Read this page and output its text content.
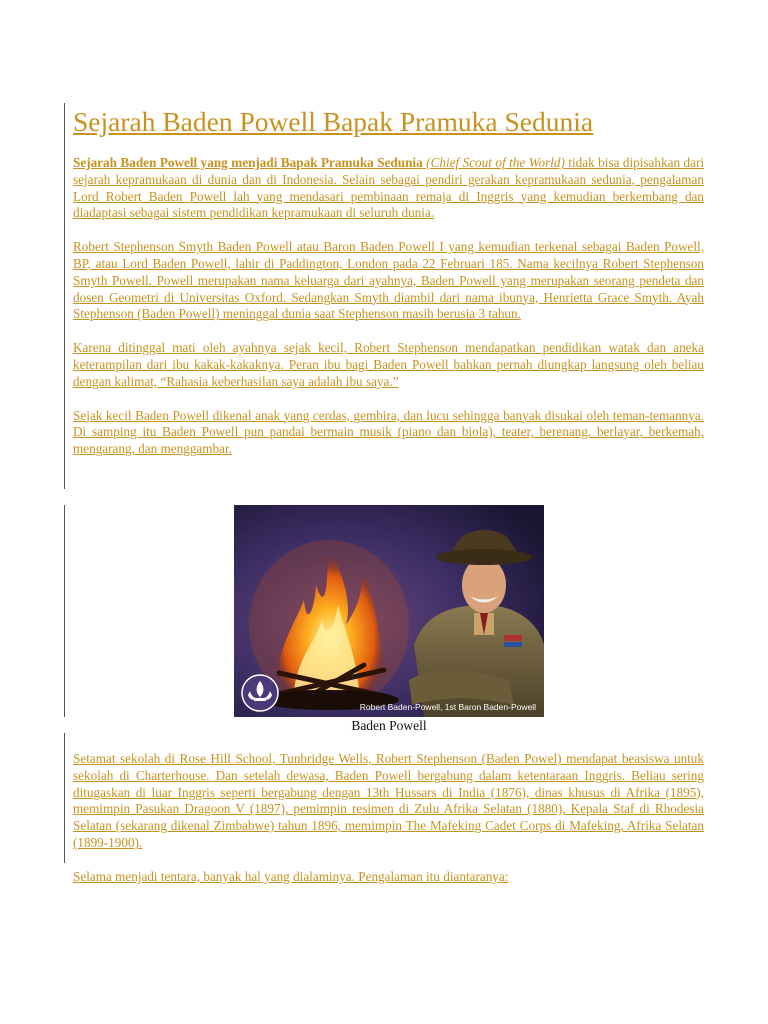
Sejarah Baden Powell Bapak Pramuka Sedunia

Sejarah Baden Powell yang menjadi Bapak Pramuka Sedunia (Chief Scout of the World) tidak bisa dipisahkan dari sejarah kepramukaan di dunia dan di Indonesia. Selain sebagai pendiri gerakan kepramukaan sedunia, pengalaman Lord Robert Baden Powell lah yang mendasari pembinaan remaja di Inggris yang kemudian berkembang dan diadaptasi sebagai sistem pendidikan kepramukaan di seluruh dunia.

Robert Stephenson Smyth Baden Powell atau Baron Baden Powell I yang kemudian terkenal sebagai Baden Powell, BP, atau Lord Baden Powell, lahir di Paddington, London pada 22 Februari 185. Nama kecilnya Robert Stephenson Smyth Powell. Powell merupakan nama keluarga dari ayahnya, Baden Powell yang merupakan seorang pendeta dan dosen Geometri di Universitas Oxford. Sedangkan Smyth diambil dari nama ibunya, Henrietta Grace Smyth. Ayah Stephenson (Baden Powell) meninggal dunia saat Stephenson masih berusia 3 tahun.

Karena ditinggal mati oleh ayahnya sejak kecil, Robert Stephenson mendapatkan pendidikan watak dan aneka keterampilan dari ibu kakak-kakaknya. Peran ibu bagi Baden Powell bahkan pernah diungkap langsung oleh beliau dengan kalimat, “Rahasia keberhasilan saya adalah ibu saya.”

Sejak kecil Baden Powell dikenal anak yang cerdas, gembira, dan lucu sehingga banyak disukai oleh teman-temannya. Di samping itu Baden Powell pun pandai bermain musik (piano dan biola), teater, berenang, berlayar, berkemah, mengarang, dan menggambar.

Robert Baden-Powell, 1st Baron Baden-Powell
Baden Powell

Setamat sekolah di Rose Hill School, Tunbridge Wells, Robert Stephenson (Baden Powel) mendapat beasiswa untuk sekolah di Charterhouse. Dan setelah dewasa, Baden Powell bergabung dalam ketentaraan Inggris. Beliau sering ditugaskan di luar Inggris seperti bergabung dengan 13th Hussars di India (1876), dinas khusus di Afrika (1895), memimpin Pasukan Dragoon V (1897), pemimpin resimen di Zulu Afrika Selatan (1880), Kepala Staf di Rhodesia Selatan (sekarang dikenal Zimbabwe) tahun 1896, memimpin The Mafeking Cadet Corps di Mafeking, Afrika Selatan (1899-1900).

Selama menjadi tentara, banyak hal yang dialaminya. Pengalaman itu diantaranya:
